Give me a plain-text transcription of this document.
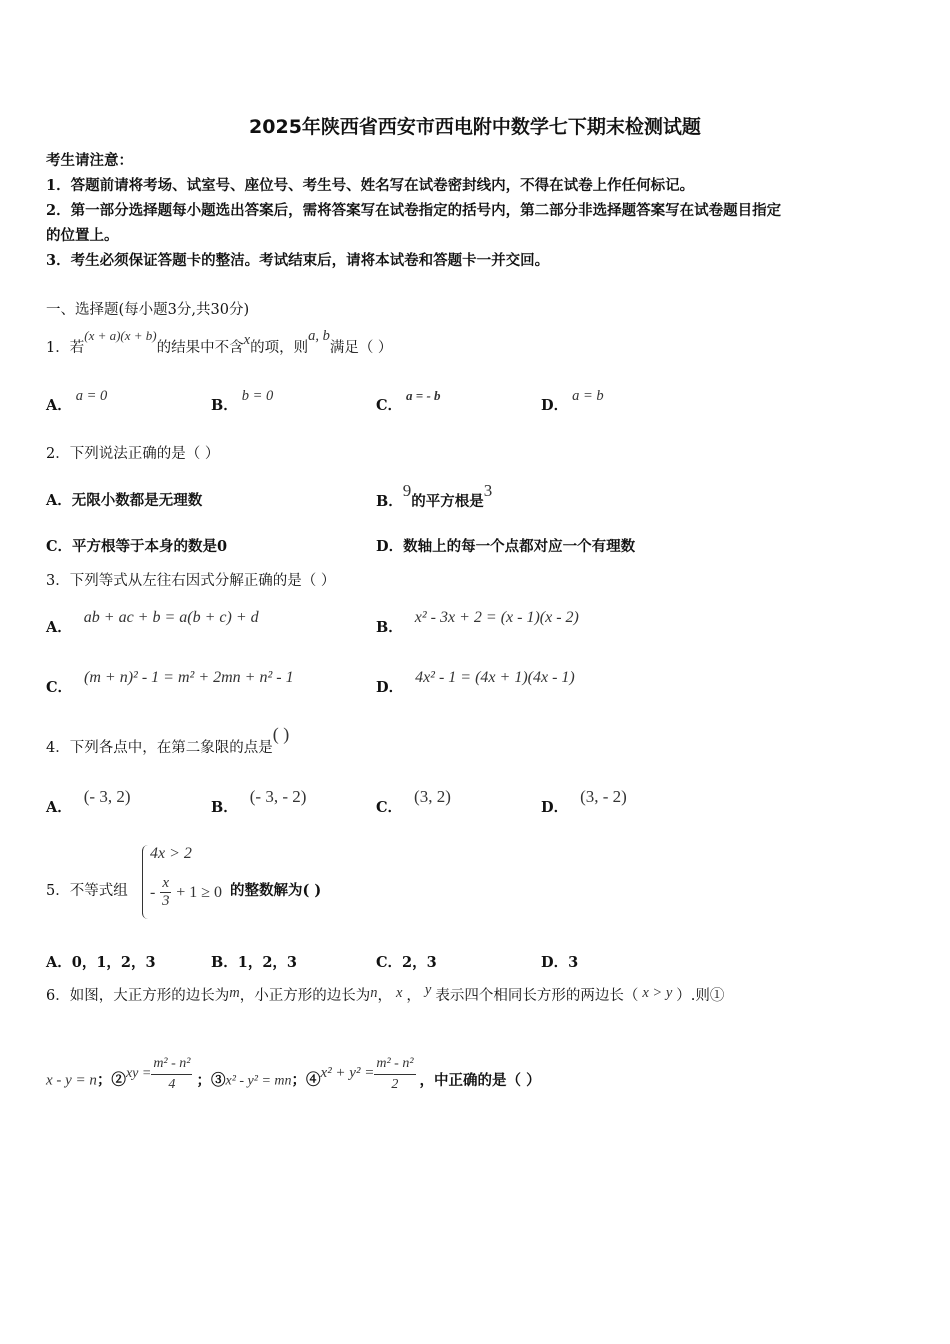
2025年陕西省西安市西电附中数学七下期末检测试题
考生请注意：
1．答题前请将考场、试室号、座位号、考生号、姓名写在试卷密封线内，不得在试卷上作任何标记。
2．第一部分选择题每小题选出答案后，需将答案写在试卷指定的括号内，第二部分非选择题答案写在试卷题目指定
的位置上。
3．考生必须保证答题卡的整洁。考试结束后，请将本试卷和答题卡一并交回。
一、选择题(每小题3分,共30分)
1．若(x + a)(x + b)的结果中不含x的项，则a, b满足（ ）
A．a = 0
B．b = 0
C．a = - b
D．a = b
2．下列说法正确的是（ ）
A．无限小数都是无理数	B．9的平方根是3
C．平方根等于本身的数是0	D．数轴上的每一个点都对应一个有理数
3．下列等式从左往右因式分解正确的是（ ）
A．ab + ac + b = a(b + c) + d
B．x² - 3x + 2 = (x - 1)(x - 2)
C．(m + n)² - 1 = m² + 2mn + n² - 1
D．4x² - 1 = (4x + 1)(4x - 1)
4．下列各点中，在第二象限的点是( )
A．(- 3, 2)
B．(- 3, - 2)
C．(3, 2)
D．(3, - 2)
5．不等式组
4x > 2
- $\frac{x}{3} + 1 \ge 0$ 的整数解为( )
A．0，1，2，3	B．1，2，3	C．2，3	D．3
6．如图，大正方形的边长为m，小正方形的边长为n， x ， y 表示四个相同长方形的两边长（ x > y ）.则①
x - y = n；②xy = $\frac{\text{m² - n²}}{4}$ ；③x² - y² = mn；④x² + $y^2 = \frac{\text{m² - n²}}{2}$ ，中正确的是（ ）
